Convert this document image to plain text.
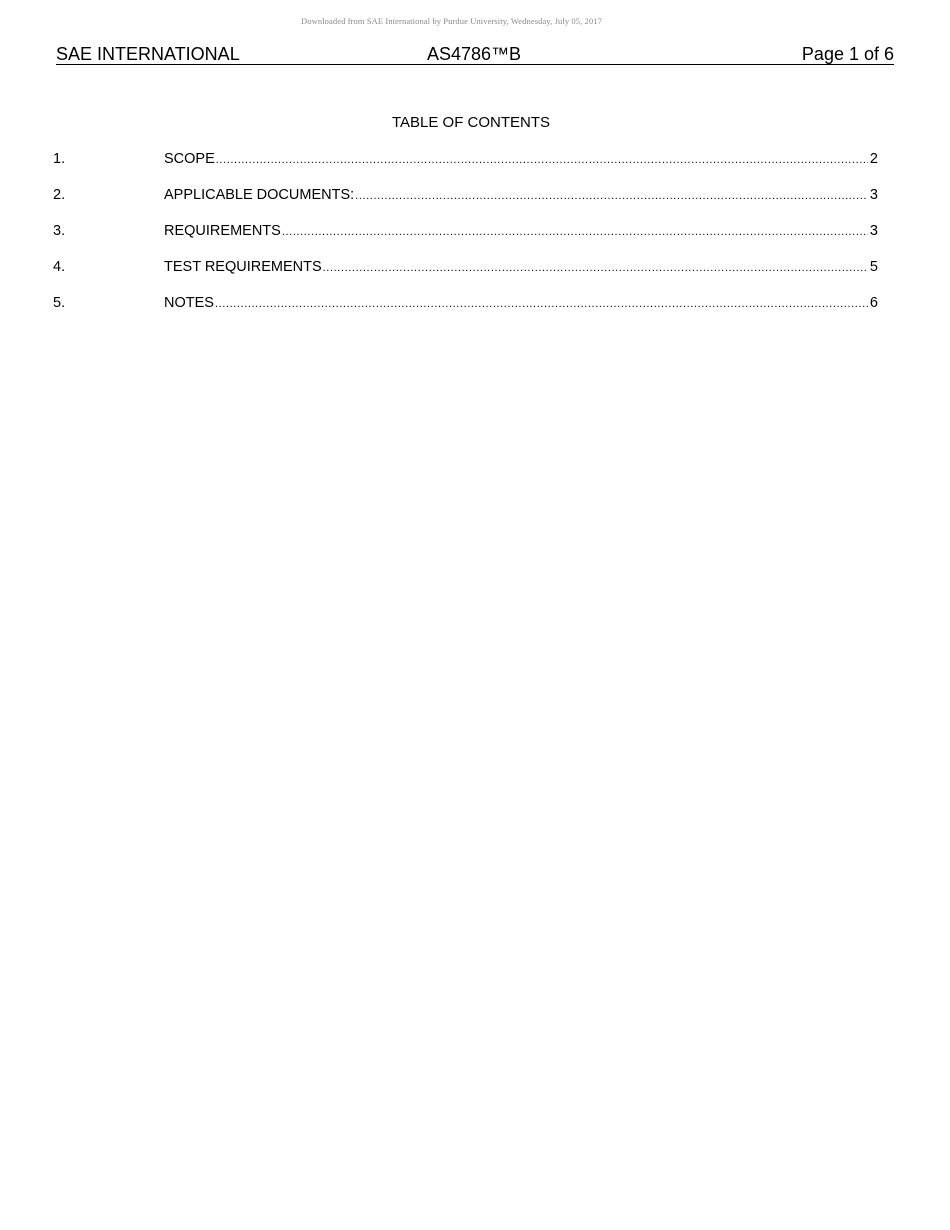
Downloaded from SAE International by Purdue University, Wednesday, July 05, 2017
SAE INTERNATIONAL	AS4786™B	Page 1 of 6
TABLE OF CONTENTS
1.	SCOPE .....	2
2.	APPLICABLE DOCUMENTS: .....	3
3.	REQUIREMENTS .....	3
4.	TEST REQUIREMENTS .....	5
5.	NOTES .....	6
